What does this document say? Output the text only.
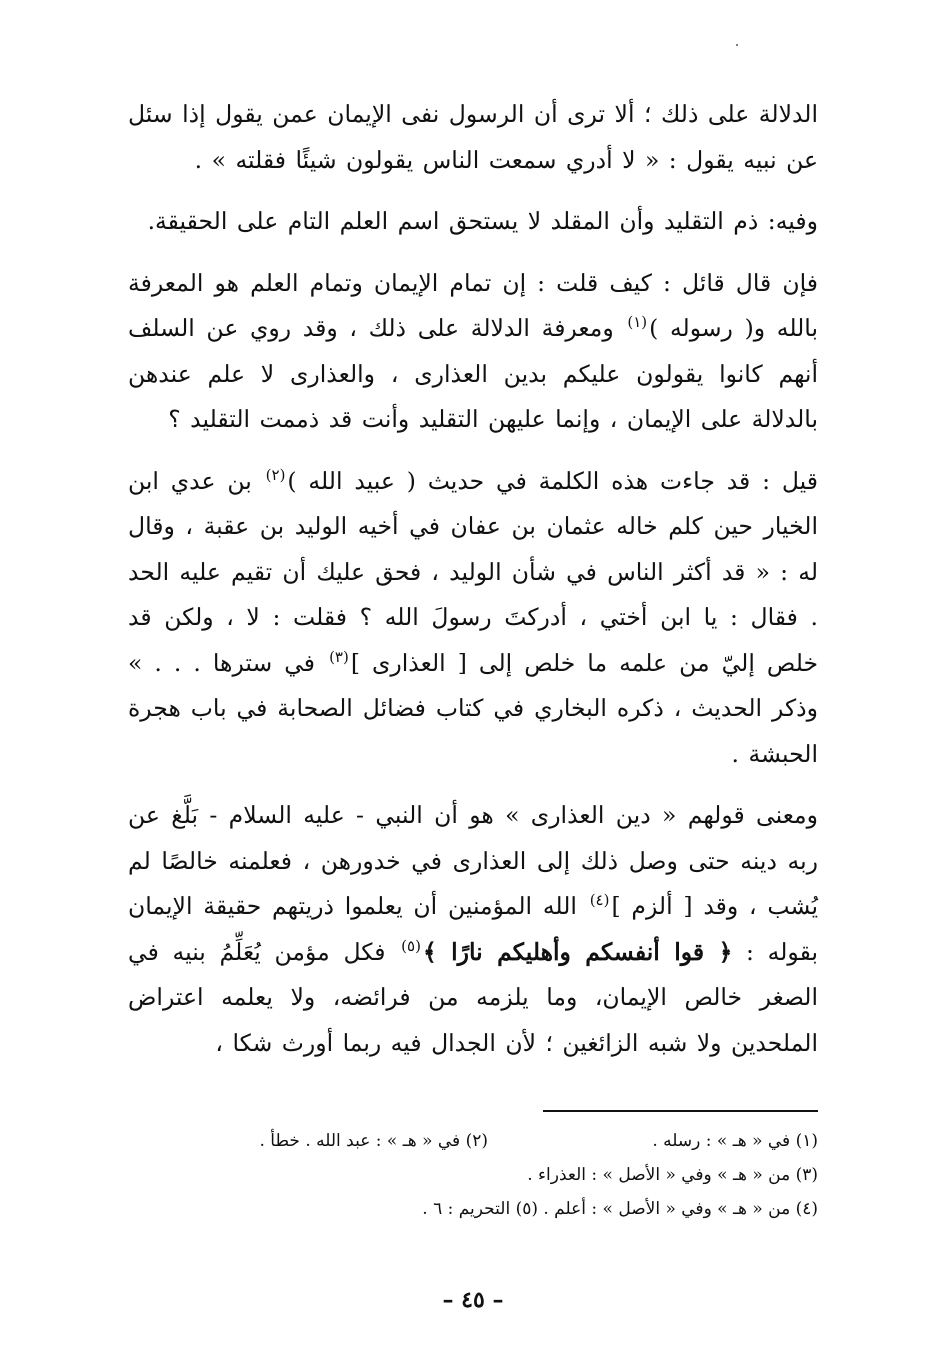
الدلالة على ذلك ؛ ألا ترى أن الرسول نفى الإيمان عمن يقول إذا سئل عن نبيه يقول : « لا أدري سمعت الناس يقولون شيئًا فقلته » .

وفيه: ذم التقليد وأن المقلد لا يستحق اسم العلم التام على الحقيقة.

فإن قال قائل : كيف قلت : إن تمام الإيمان وتمام العلم هو المعرفة بالله و( رسوله )$^{(١)}$ ومعرفة الدلالة على ذلك ، وقد روي عن السلف أنهم كانوا يقولون عليكم بدين العذارى ، والعذارى لا علم عندهن بالدلالة على الإيمان ، وإنما عليهن التقليد وأنت قد ذممت التقليد ؟

قيل : قد جاءت هذه الكلمة في حديث ( عبيد الله )$^{(٢)}$ بن عدي ابن الخيار حين كلم خاله عثمان بن عفان في أخيه الوليد بن عقبة ، وقال له : « قد أكثر الناس في شأن الوليد ، فحق عليك أن تقيم عليه الحد . فقال : يا ابن أختي ، أدركتَ رسولَ الله ؟ فقلت : لا ، ولكن قد خلص إليّ من علمه ما خلص إلى [ العذارى ]$^{(٣)}$ في سترها . . . » وذكر الحديث ، ذكره البخاري في كتاب فضائل الصحابة في باب هجرة الحبشة .

ومعنى قولهم « دين العذارى » هو أن النبي - عليه السلام - بَلَّغ عن ربه دينه حتى وصل ذلك إلى العذارى في خدورهن ، فعلمنه خالصًا لم يُشب ، وقد [ ألزم ]$^{(٤)}$ الله المؤمنين أن يعلموا ذريتهم حقيقة الإيمان بقوله : ﴿ قوا أنفسكم وأهليكم نارًا ﴾$^{(٥)}$ فكل مؤمن يُعَلِّمُ بنيه في الصغر خالص الإيمان، وما يلزمه من فرائضه، ولا يعلمه اعتراض الملحدين ولا شبه الزائغين ؛ لأن الجدال فيه ربما أورث شكا ،

(١) في « هـ » : رسله .
(٢) في « هـ » : عبد الله . خطأ .
(٣) من « هـ » وفي « الأصل » : العذراء .
(٤) من « هـ » وفي « الأصل » : أعلم .
(٥) التحريم : ٦ .
– ٤٥ –
